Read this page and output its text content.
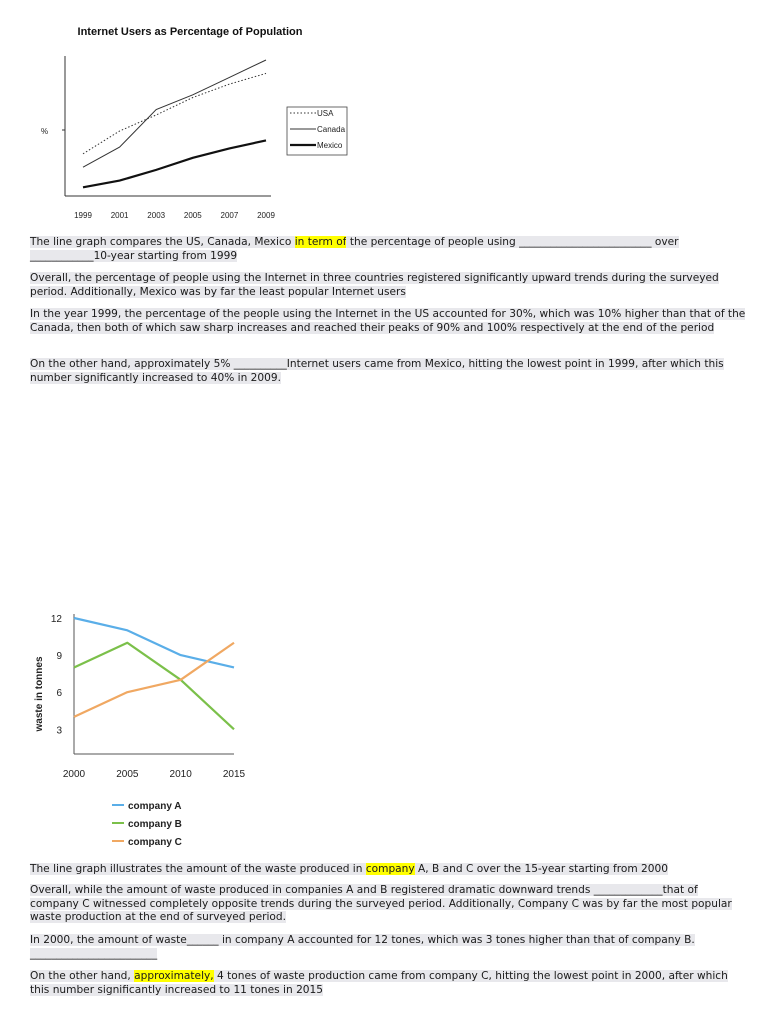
Internet Users as Percentage of Population
%
1999 2001 2003 2005 2007 2009
USA
Canada
Mexico
The line graph compares the US, Canada, Mexico in term of the percentage of people using _________________________ over ____________10-year starting from 1999
Overall, the percentage of people using the Internet in three countries registered significantly upward trends during the surveyed period. Additionally, Mexico was by far the least popular Internet users
In the year 1999, the percentage of the people using the Internet in the US accounted for 30%, which was 10% higher than that of the Canada, then both of which saw sharp increases and reached their peaks of 90% and 100% respectively at the end of the period
On the other hand, approximately 5% __________Internet users came from Mexico, hitting the lowest point in 1999, after which this number significantly increased to 40% in 2009.
3
6
9
12
2000	2005	2010	2015
waste in tonnes
company A
company B
company C
The line graph illustrates the amount of the waste produced in company A, B and C over the 15-year starting from 2000
Overall, while the amount of waste produced in companies A and B registered dramatic downward trends _____________that of company C witnessed completely opposite trends during the surveyed period. Additionally, Company C was by far the most popular waste production at the end of surveyed period.
In 2000, the amount of waste______ in company A accounted for 12 tones, which was 3 tones higher than that of company B. ________________________
On the other hand, approximately, 4 tones of waste production came from company C, hitting the lowest point in 2000, after which this number significantly increased to 11 tones in 2015
